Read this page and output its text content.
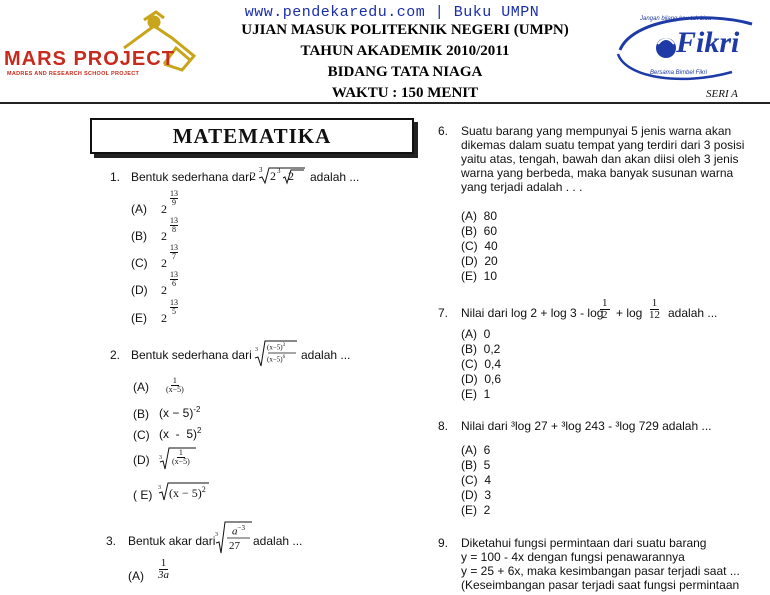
www.pendekaredu.com | Buku UMPN
UJIAN MASUK POLITEKNIK NEGERI (UMPN)
TAHUN AKADEMIK 2010/2011
BIDANG TATA NIAGA
WAKTU : 150 MENIT	SERI A
MARS PROJECT
MADRES AND RESEARCH SCHOOL PROJECT
Jangan bilang kau tak bisa
Fikri
Bersama Bimbel Fikri
MATEMATIKA
1. Bentuk sederhana dari
2 3 2 3 2 adalah ...
(A) 2
$\frac{13}{9}$
(B) 2
$\frac{13}{8}$
(C) 2
$\frac{13}{7}$
(D) 2
$\frac{13}{6}$
(E) 2
$\frac{13}{5}$
2. Bentuk sederhana dari 3 $(x-5)^3$
$(x-5)^6$ adalah ...
$(A) \frac{1}{(x-5)}$
(B) $(x - 5)^{-2}$
(C) (x  -  5)$^2$
(D) $3 \frac{1}{(x-5)}$
( E) 3 $(x - 5)^2$
3. Bentuk akar dari 3 $a^{-3}$
27 adalah ...
$(A) \frac{1}{3a}$
6. Suatu barang yang mempunyai 5 jenis warna akan
dikemas dalam suatu tempat yang terdiri dari 3 posisi
yaitu atas, tengah, bawah dan akan diisi oleh 3 jenis
warna yang berbeda, maka banyak susunan warna
yang terjadi adalah . . .
(A) 80
(B) 60
(C) 40
(D) 20
(E) 10
7. Nilai dari log 2 + log 3 - log
$\frac{1}{2} + \log \frac{1}{12}$ adalah ...
(A) 0
(B) 0,2
(C) 0,4
(D) 0,6
(E) 1
8. Nilai dari ³log 27 + ³log 243 - ³log 729 adalah ...
(A) 6
(B) 5
(C) 4
(D) 3
(E) 2
9. Diketahui fungsi permintaan dari suatu barang
y = 100 - 4x dengan fungsi penawarannya
y = 25 + 6x, maka kesimbangan pasar terjadi saat ...
(Keseimbangan pasar terjadi saat fungsi permintaan
